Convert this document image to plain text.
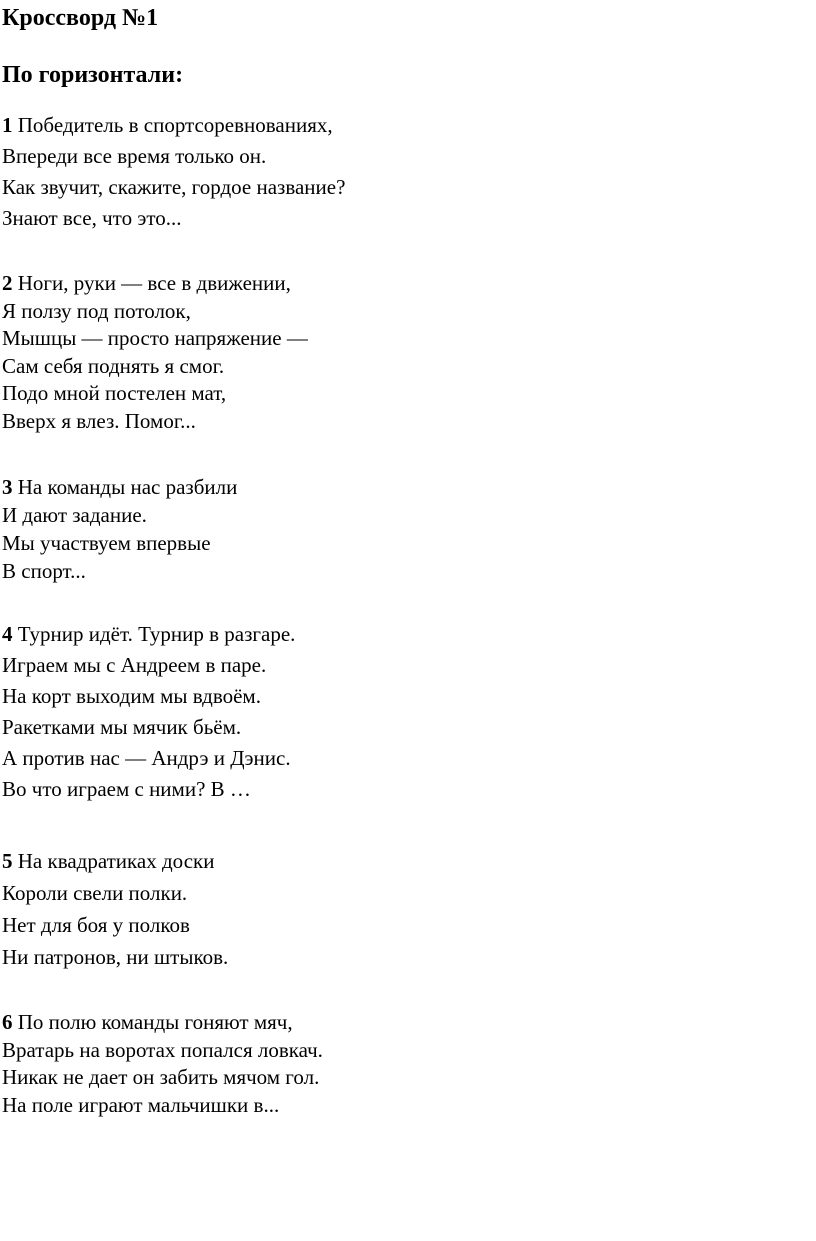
Кроссворд №1
По горизонтали:
1 Победитель в спортсоревнованиях,
Впереди все время только он.
Как звучит, скажите, гордое название?
Знают все, что это...
2 Ноги, руки — все в движении,
Я ползу под потолок,
Мышцы — просто напряжение —
Сам себя поднять я смог.
Подо мной постелен мат,
Вверх я влез. Помог...
3 На команды нас разбили
И дают задание.
Мы участвуем впервые
В спорт...
4 Турнир идёт. Турнир в разгаре.
Играем мы с Андреем в паре.
На корт выходим мы вдвоём.
Ракетками мы мячик бьём.
А против нас — Андрэ и Дэнис.
Во что играем с ними? В …
5 На квадратиках доски
Короли свели полки.
Нет для боя у полков
Ни патронов, ни штыков.
6 По полю команды гоняют мяч,
Вратарь на воротах попался ловкач.
Никак не дает он забить мячом гол.
На поле играют мальчишки в...
